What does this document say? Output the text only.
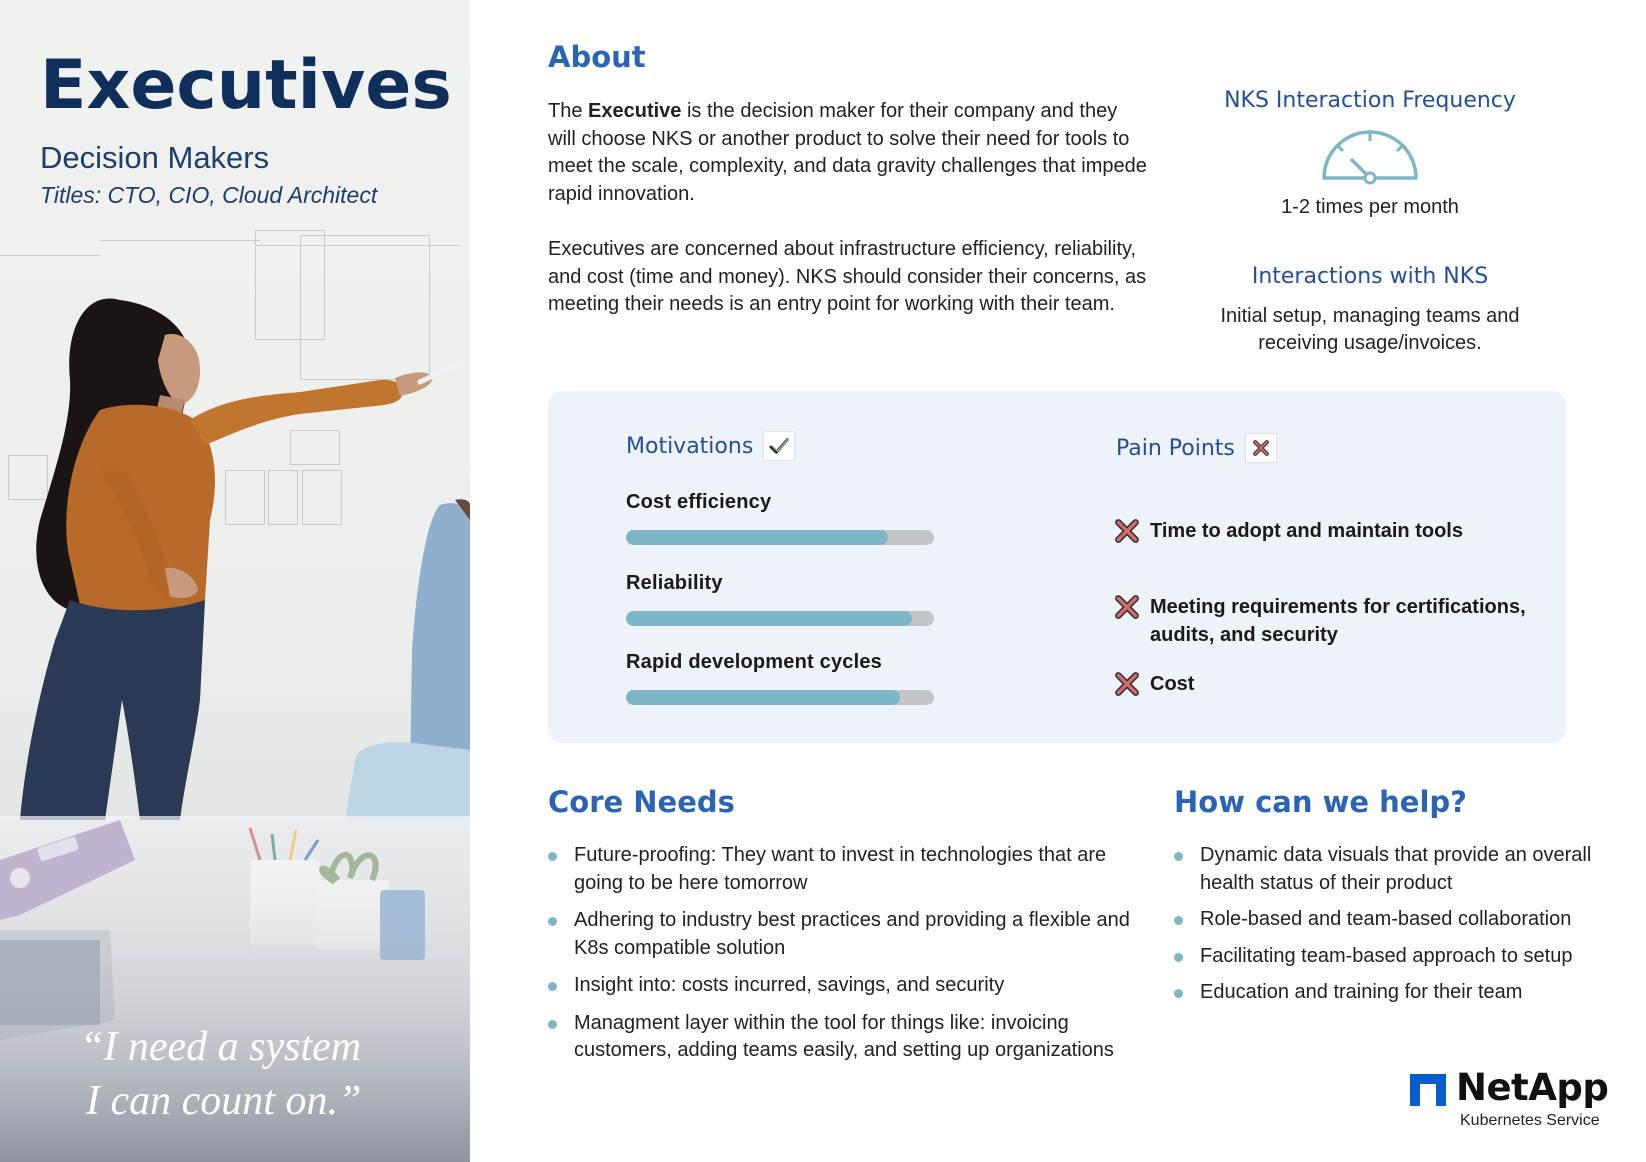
Executives
Decision Makers
Titles: CTO, CIO, Cloud Architect
“I need a system
I can count on.”
About

The Executive is the decision maker for their company and they will choose NKS or another product to solve their need for tools to meet the scale, complexity, and data gravity challenges that impede rapid innovation.

Executives are concerned about infrastructure efficiency, reliability, and cost (time and money). NKS should consider their concerns, as meeting their needs is an entry point for working with their team.

NKS Interaction Frequency
1-2 times per month
Interactions with NKS
Initial setup, managing teams and receiving usage/invoices.
Motivations
Cost efficiency
Reliability
Rapid development cycles
Pain Points
Time to adopt and maintain tools
Meeting requirements for certifications, audits, and security
Cost
Core Needs
Future-proofing: They want to invest in technologies that are going to be here tomorrow
Adhering to industry best practices and providing a flexible and K8s compatible solution
Insight into: costs incurred, savings, and security
Managment layer within the tool for things like: invoicing customers, adding teams easily, and setting up organizations
How can we help?
Dynamic data visuals that provide an overall health status of their product
Role-based and team-based collaboration
Facilitating team-based approach to setup
Education and training for their team
NetApp
Kubernetes Service
